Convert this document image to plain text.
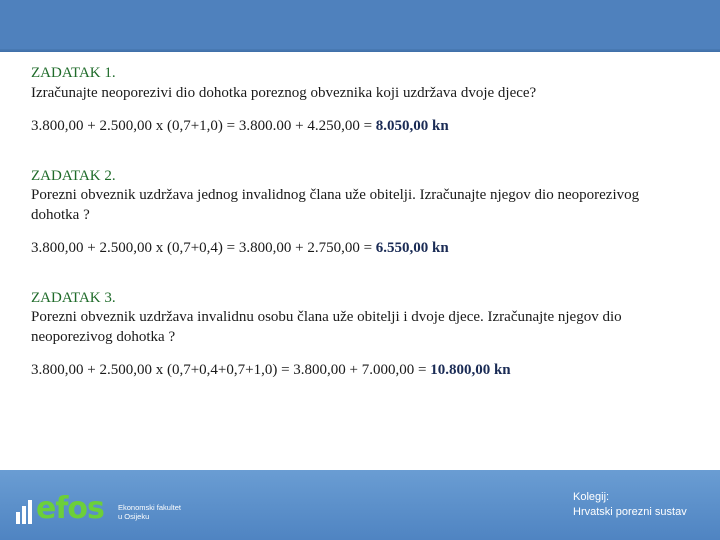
ZADATAK 1.
Izračunajte neoporezivi dio dohotka poreznog obveznika koji uzdržava dvoje djece?
3.800,00 + 2.500,00 x (0,7+1,0) = 3.800.00 + 4.250,00 = 8.050,00 kn
ZADATAK 2.
Porezni obveznik uzdržava jednog invalidnog člana uže obitelji. Izračunajte njegov dio neoporezivog dohotka ?
3.800,00 + 2.500,00 x (0,7+0,4) = 3.800,00 + 2.750,00 = 6.550,00 kn
ZADATAK 3.
Porezni obveznik uzdržava invalidnu osobu člana uže obitelji i dvoje djece. Izračunajte njegov dio neoporezivog dohotka ?
3.800,00 + 2.500,00 x (0,7+0,4+0,7+1,0) = 3.800,00 + 7.000,00 = 10.800,00 kn
efos Ekonomski fakultet
u Osijeku
Kolegij:
Hrvatski porezni sustav
